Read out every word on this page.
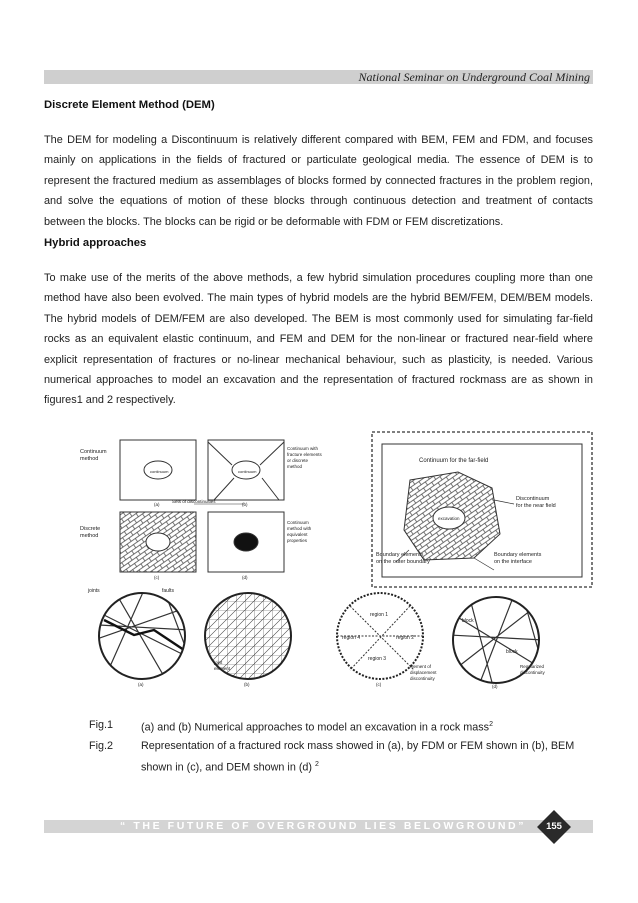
National Seminar on Underground Coal Mining
Discrete Element Method (DEM)
The DEM for modeling a Discontinuum is relatively different compared with BEM, FEM and FDM, and focuses mainly on applications in the fields of fractured or particulate geological media. The essence of DEM is to represent the fractured medium as assemblages of blocks formed by connected fractures in the problem region, and solve the equations of motion of these blocks through continuous detection and treatment of contacts between the blocks. The blocks can be rigid or be deformable with FDM or FEM discretizations.
Hybrid approaches
To make use of the merits of the above methods, a few hybrid simulation procedures coupling more than one method have also been evolved. The main types of hybrid models are the hybrid BEM/FEM, DEM/BEM models. The hybrid models of DEM/FEM are also developed. The BEM is most commonly used for simulating far-field rocks as an equivalent elastic continuum, and FEM and DEM for the non-linear or fractured near-field where explicit representation of fractures or no-linear mechanical behaviour, such as plasticity, is needed. Various numerical approaches to model an excavation and the representation of fractured rockmass are as shown in figures1 and 2 respectively.
Continuum
method
Continuum with
fracture elements
or discrete
method
continuum	continuum
(a)	(b)
Sets of discontinuities
Discrete
method
Continuum
method with
equivalent
properties
(c)	(d)
Continuum for the far-field
excavation
Discontinuum
for the near field
Boundary elements
on the outer boundary
Boundary elements
on the interface
joints	faults
(a)
joint
element
(b)
region 1
region 2
region 3
region 4
element of
displacement
discontinuity
(c)
block
block
Regularized
discontinuity
(d)
Fig.1	(a) and (b) Numerical approaches to model an excavation in a rock mass$^2$
Fig.2	Representation of a fractured rock mass showed in (a), by FDM or FEM shown in (b), BEM shown in (c), and DEM shown in (d) $^2$
“ THE FUTURE OF OVERGROUND LIES BELOWGROUND”	155
